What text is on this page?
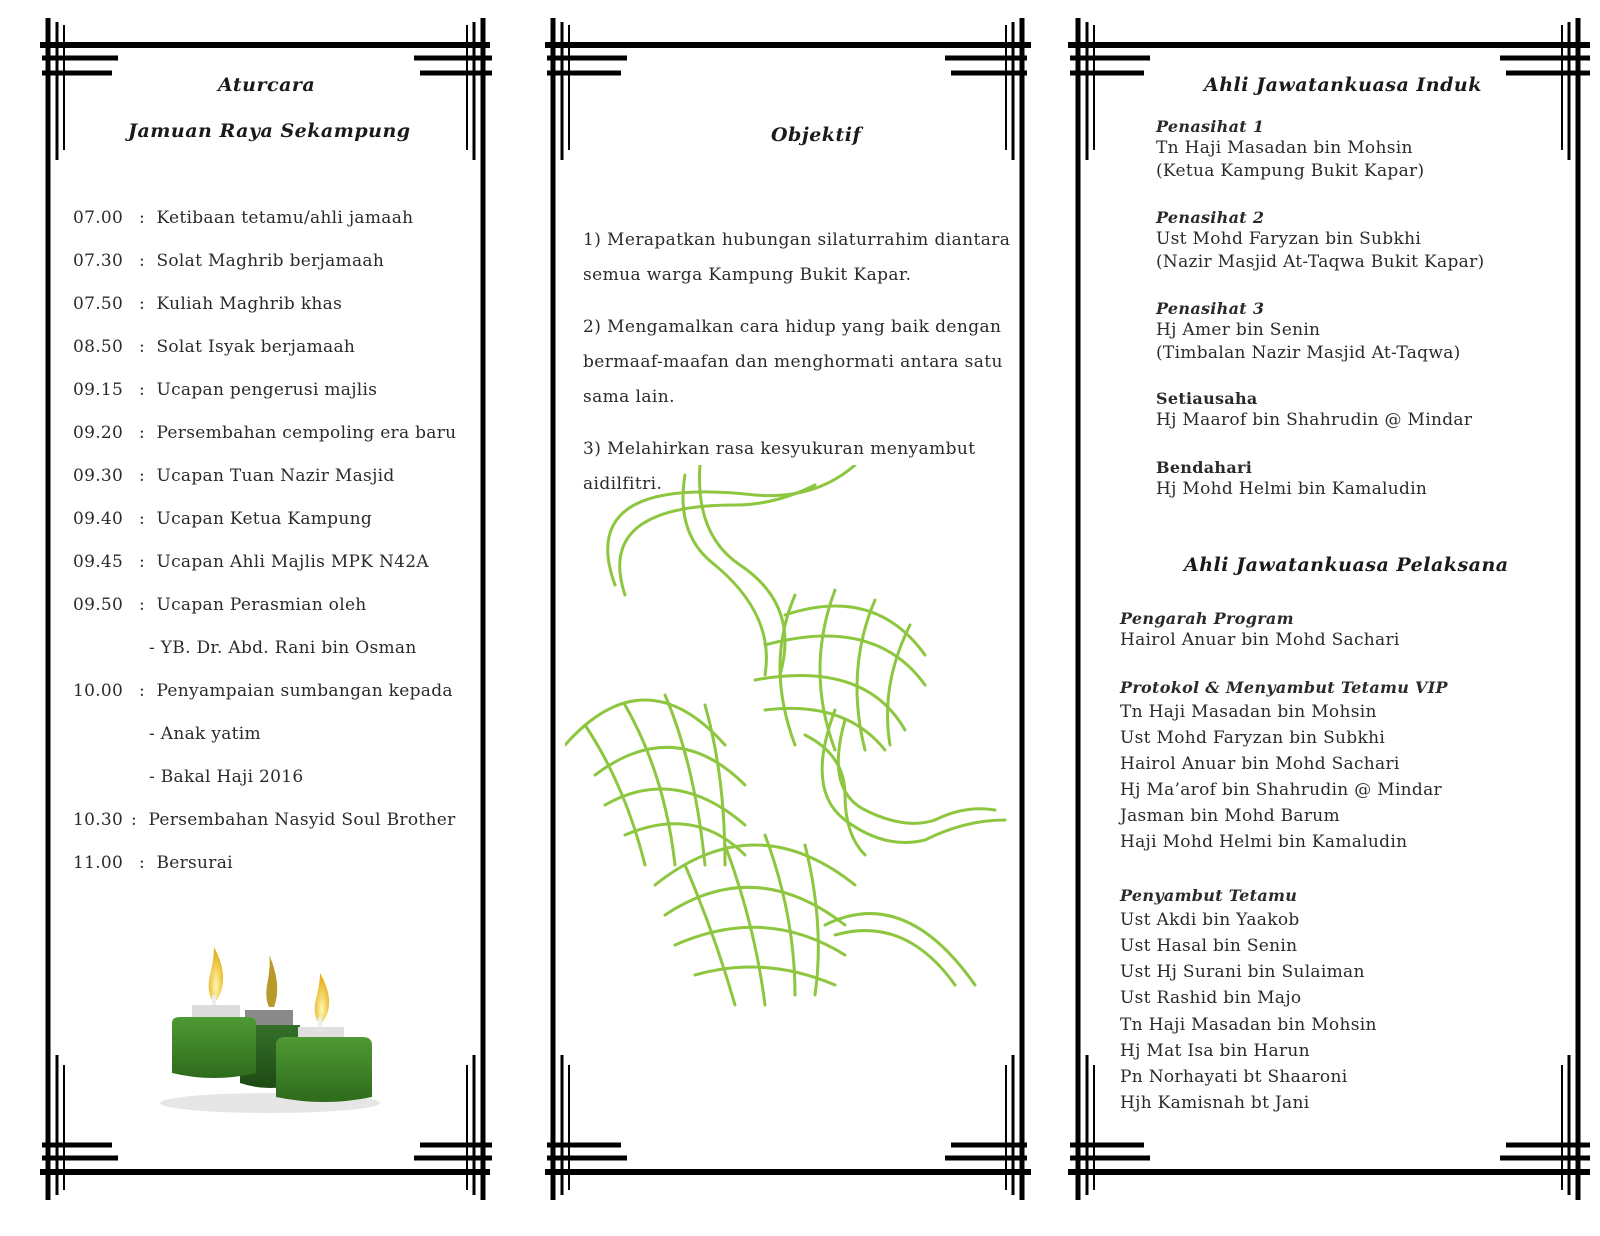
Aturcara
Jamuan Raya Sekampung
07.00 : Ketibaan tetamu/ahli jamaah
07.30 : Solat Maghrib berjamaah
07.50 : Kuliah Maghrib khas
08.50 : Solat Isyak berjamaah
09.15 : Ucapan pengerusi majlis
09.20 : Persembahan cempoling era baru
09.30 : Ucapan Tuan Nazir Masjid
09.40 : Ucapan Ketua Kampung
09.45 : Ucapan Ahli Majlis MPK N42A
09.50 : Ucapan Perasmian oleh
- YB. Dr. Abd. Rani bin Osman
10.00 : Penyampaian sumbangan kepada
- Anak yatim
- Bakal Haji 2016
10.30 : Persembahan Nasyid Soul Brother
11.00 : Bersurai
Objektif
1) Merapatkan hubungan silaturrahim diantara semua warga Kampung Bukit Kapar.
2) Mengamalkan cara hidup yang baik dengan bermaaf-maafan dan menghormati antara satu sama lain.
3) Melahirkan rasa kesyukuran menyambut aidilfitri.
Ahli Jawatankuasa Induk
Penasihat 1
Tn Haji Masadan bin Mohsin
(Ketua Kampung Bukit Kapar)
Penasihat 2
Ust Mohd Faryzan bin Subkhi
(Nazir Masjid At-Taqwa Bukit Kapar)
Penasihat 3
Hj Amer bin Senin
(Timbalan Nazir Masjid At-Taqwa)
Setiausaha
Hj Maarof bin Shahrudin @ Mindar
Bendahari
Hj Mohd Helmi bin Kamaludin
Ahli Jawatankuasa Pelaksana
Pengarah Program
Hairol Anuar bin Mohd Sachari
Protokol & Menyambut Tetamu VIP
Tn Haji Masadan bin Mohsin
Ust Mohd Faryzan bin Subkhi
Hairol Anuar bin Mohd Sachari
Hj Ma’arof bin Shahrudin @ Mindar
Jasman bin Mohd Barum
Haji Mohd Helmi bin Kamaludin
Penyambut Tetamu
Ust Akdi bin Yaakob
Ust Hasal bin Senin
Ust Hj Surani bin Sulaiman
Ust Rashid bin Majo
Tn Haji Masadan bin Mohsin
Hj Mat Isa bin Harun
Pn Norhayati bt Shaaroni
Hjh Kamisnah bt Jani
